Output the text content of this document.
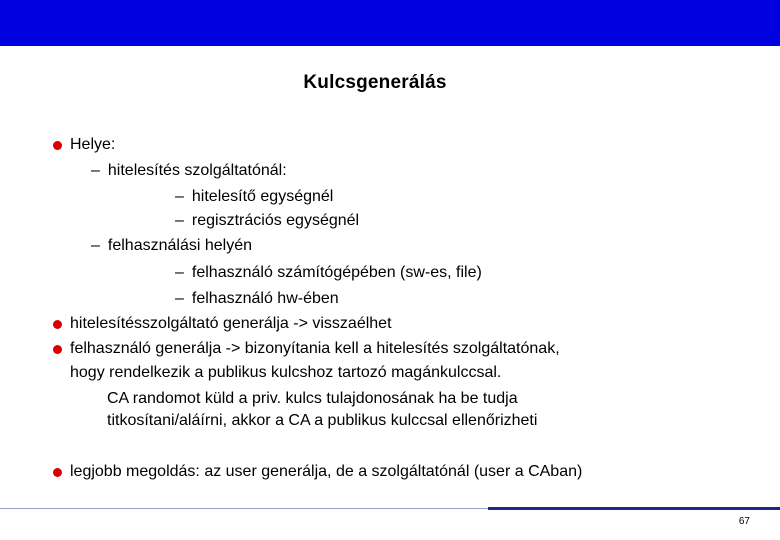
Kulcsgenerálás
Helye:
– hitelesítés szolgáltatónál:
– hitelesítő egységnél
– regisztrációs egységnél
– felhasználási helyén
– felhasználó számítógépében (sw-es, file)
– felhasználó hw-ében
hitelesítésszolgáltató generálja -> visszaélhet
felhasználó generálja -> bizonyítania kell a hitelesítés szolgáltatónak,
hogy rendelkezik a publikus kulcshoz tartozó magánkulccsal.
CA randomot küld a priv. kulcs tulajdonosának ha be tudja
titkosítani/aláírni, akkor a CA a publikus kulccsal ellenőrizheti
legjobb megoldás: az user generálja, de a szolgáltatónál (user a CAban)
67
